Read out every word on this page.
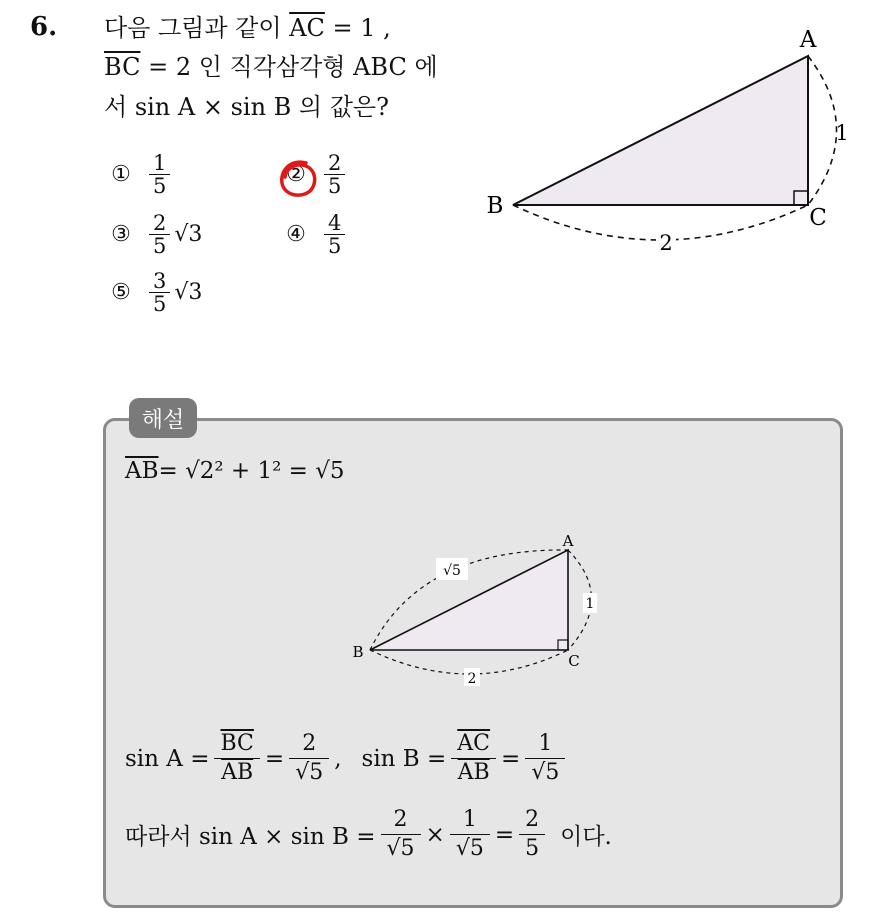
6. 다음 그림과 같이 $\overline{AC} = 1$ ,
$\overline{BC} = 2$ 인 직각삼각형 ABC 에
서 sin A × sin B 의 값은?
① $\frac{1}{5}$	② $\frac{2}{5}$
③ $\frac{2}{5} √3$	④ $\frac{4}{5}$
⑤ $\frac{3}{5} √3$
2
1
A
B	C
해설
$\overline{AB} = √2^2 + 1^2 = √5$
√5
1
2
A
B	C
$\sin A = \frac{\overline{BC}}{AB}$ =
2
√5
, $\sin B = \frac{\overline{AC}}{AB}$ =
1
√5
따라서 sin A × sin B =
2
√5
×
1
√5
=
2
5 이다.
